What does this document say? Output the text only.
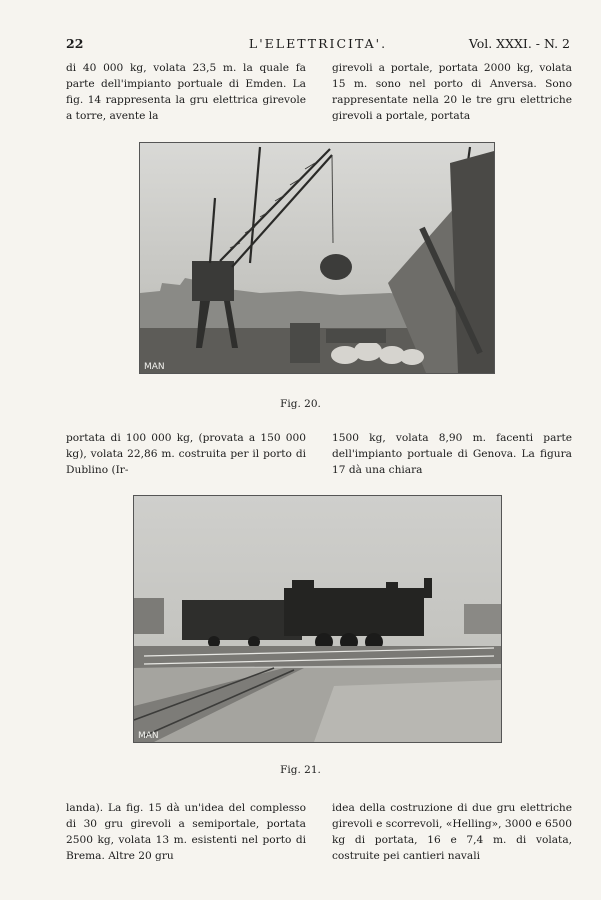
22	L'ELETTRICITA'.	Vol. XXXI. - N. 2
di 40 000 kg, volata 23,5 m. la quale fa parte dell'impianto portuale di Emden. La fig. 14 rappresenta la gru elettrica girevole a torre, avente la
girevoli a portale, portata 2000 kg, volata 15 m. sono nel porto di Anversa. Sono rappresentate nella 20 le tre gru elettriche girevoli a portale, portata
MAN
Fig. 20.
portata di 100 000 kg, (provata a 150 000 kg), volata 22,86 m. costruita per il porto di Dublino (Ir-
1500 kg, volata 8,90 m. facenti parte dell'impianto portuale di Genova. La figura 17 dà una chiara
MAN
Fig. 21.
landa). La fig. 15 dà un'idea del complesso di 30 gru girevoli a semiportale, portata 2500 kg, volata 13 m. esistenti nel porto di Brema. Altre 20 gru
idea della costruzione di due gru elettriche girevoli e scorrevoli, «Helling», 3000 e 6500 kg di portata, 16 e 7,4 m. di volata, costruite pei cantieri navali
